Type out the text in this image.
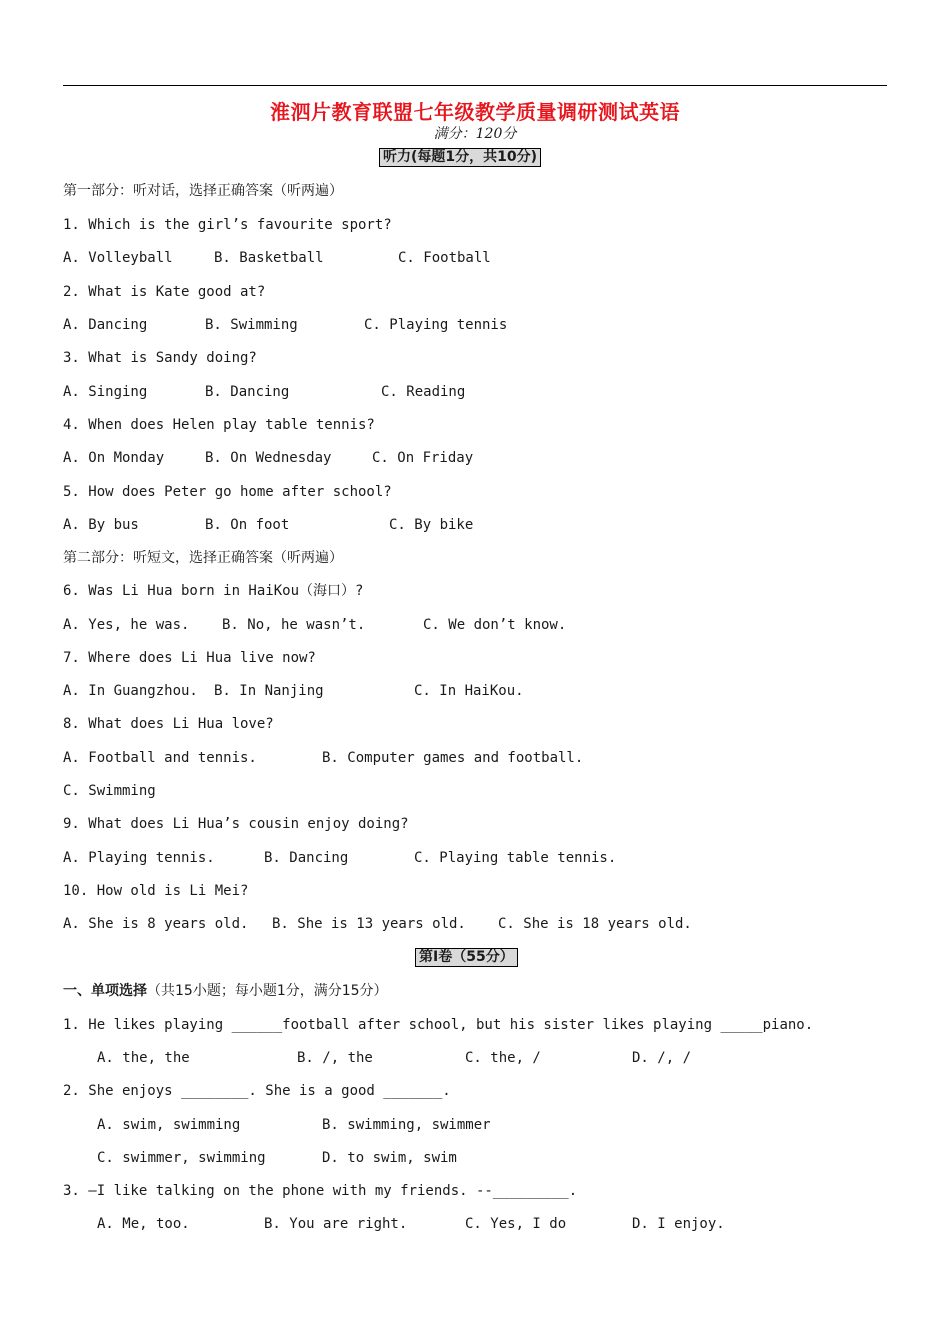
淮泗片教育联盟七年级教学质量调研测试英语
满分：120分
听力(每题1分，共10分)
第一部分：听对话，选择正确答案（听两遍）
1. Which is the girl’s favourite sport?
A. Volleyball	B. Basketball	C. Football
2. What is Kate good at?
A. Dancing	B. Swimming	C. Playing tennis
3. What is Sandy doing?
A. Singing	B. Dancing	C. Reading
4. When does Helen play table tennis?
A. On Monday	B. On Wednesday	C. On Friday
5. How does Peter go home after school?
A. By bus	B. On foot	C. By bike
第二部分：听短文，选择正确答案（听两遍）
6. Was Li Hua born in HaiKou（海口）?
A. Yes, he was. B. No, he wasn’t.	C. We don’t know.
7. Where does Li Hua live now?
A. In Guangzhou. B. In Nanjing	C. In HaiKou.
8. What does Li Hua love?
A. Football and tennis.	B. Computer games and football.
C. Swimming
9. What does Li Hua’s cousin enjoy doing?
A. Playing tennis.	B. Dancing	C. Playing table tennis.
10. How old is Li Mei?
A. She is 8 years old. B. She is 13 years old. C. She is 18 years old.
第Ⅰ卷（55分）
一、单项选择（共15小题；每小题1分，满分15分）
1. He likes playing ______football after school, but his sister likes playing _____piano.
A. the, the	B. /, the	C. the, /	D. /, /
2. She enjoys ________. She is a good _______.
A. swim, swimming	B. swimming, swimmer
C. swimmer, swimming	D. to swim, swim
3. –I like talking on the phone with my friends. --_________.
A. Me, too.	B. You are right.	C. Yes, I do	D. I enjoy.
